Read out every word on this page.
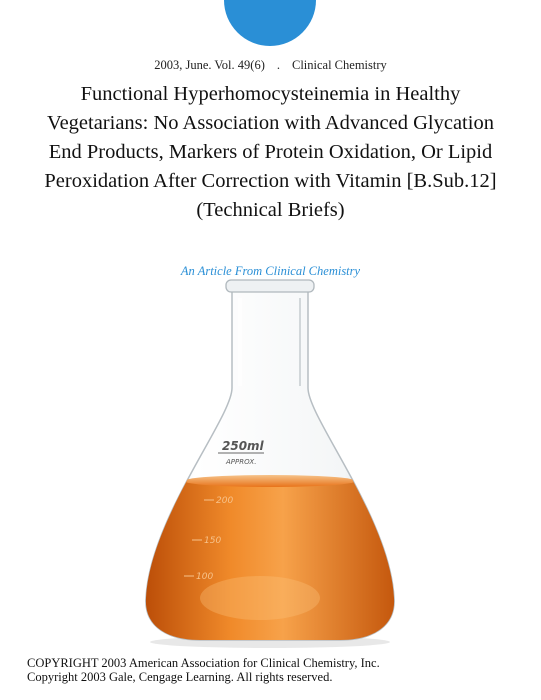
2003, June. Vol. 49(6) . Clinical Chemistry
Functional Hyperhomocysteinemia in Healthy Vegetarians: No Association with Advanced Glycation End Products, Markers of Protein Oxidation, Or Lipid Peroxidation After Correction with Vitamin [B.Sub.12] (Technical Briefs)
An Article From Clinical Chemistry
250ml
APPROX.
200
150
100
COPYRIGHT 2003 American Association for Clinical Chemistry, Inc.
Copyright 2003 Gale, Cengage Learning. All rights reserved.
